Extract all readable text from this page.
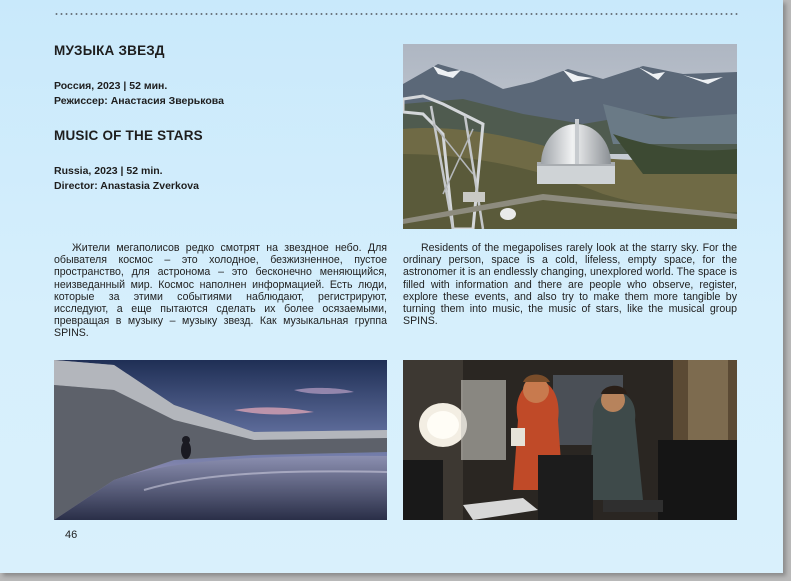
МУЗЫКА ЗВЕЗД
Россия, 2023 | 52 мин.
Режиссер: Анастасия Зверькова
MUSIC OF THE STARS
Russia, 2023 | 52 min.
Director: Anastasia Zverkova

Жители мегаполисов редко смотрят на звездное небо. Для обывателя космос – это холодное, безжизненное, пустое пространство, для астронома – это бесконечно меняющийся, неизведанный мир. Космос наполнен информацией. Есть люди, которые за этими событиями наблюдают, регистрируют, исследуют, а еще пытаются сделать их более осязаемыми, превращая в музыку – музыку звезд. Как музыкальная группа SPINS.

Residents of the megapolises rarely look at the starry sky. For the ordinary person, space is a cold, lifeless, empty space, for the astronomer it is an endlessly changing, unexplored world. The space is filled with information and there are people who observe, register, explore these events, and also try to make them more tangible by turning them into music, the music of stars, like the musical group SPINS.

46
